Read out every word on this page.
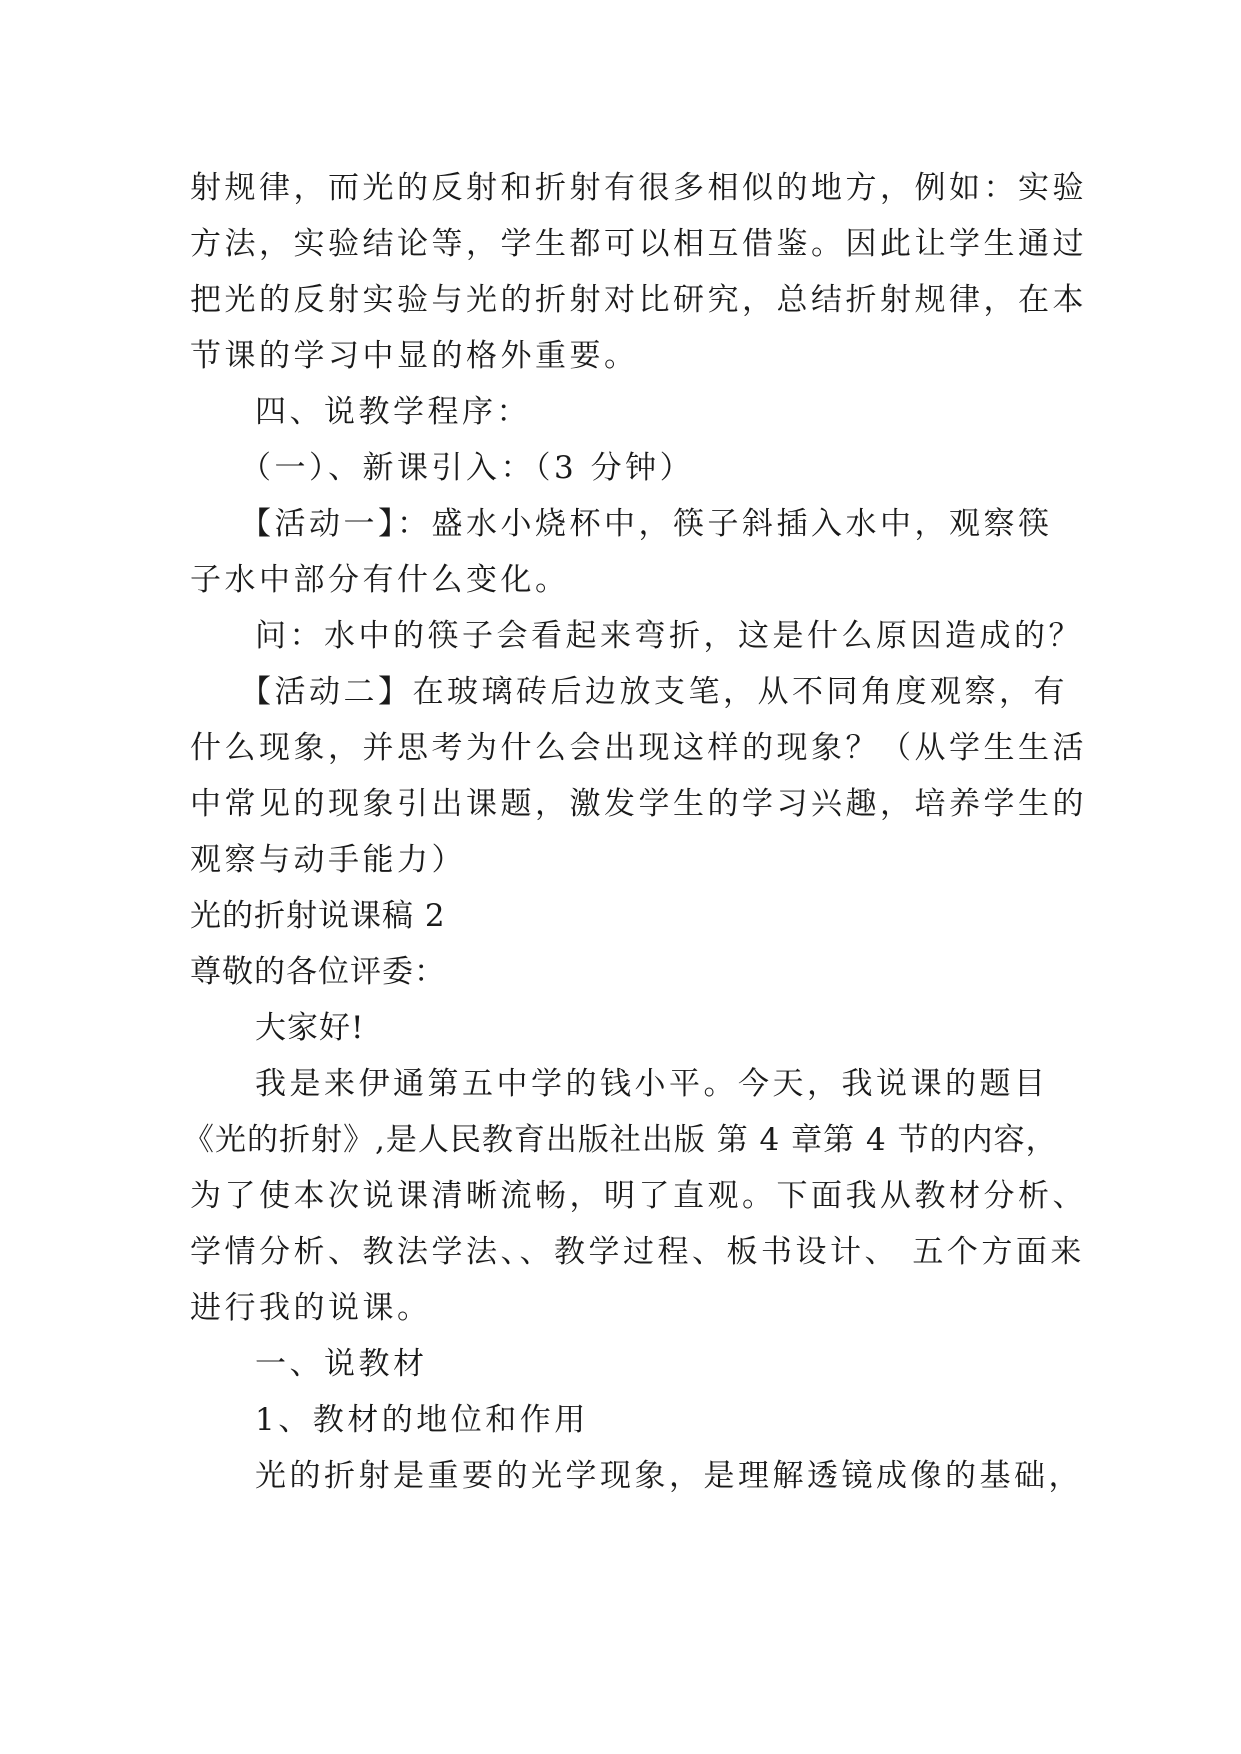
射规律，而光的反射和折射有很多相似的地方，例如：实验
方法，实验结论等，学生都可以相互借鉴。因此让学生通过
把光的反射实验与光的折射对比研究，总结折射规律，在本
节课的学习中显的格外重要。
四、说教学程序：
（一）、新课引入：（3 分钟）
【活动一】：盛水小烧杯中，筷子斜插入水中，观察筷
子水中部分有什么变化。
问：水中的筷子会看起来弯折，这是什么原因造成的？
【活动二】在玻璃砖后边放支笔，从不同角度观察，有
什么现象，并思考为什么会出现这样的现象？（从学生生活
中常见的现象引出课题，激发学生的学习兴趣，培养学生的
观察与动手能力）
光的折射说课稿 2
尊敬的各位评委：
大家好!
我是来伊通第五中学的钱小平。今天，我说课的题目
《光的折射》,是人民教育出版社出版 第 4 章第 4 节的内容，
为了使本次说课清晰流畅，明了直观。下面我从教材分析、
学情分析、教法学法、、教学过程、板书设计、 五个方面来
进行我的说课。
一、说教材
1、教材的地位和作用
光的折射是重要的光学现象，是理解透镜成像的基础，
